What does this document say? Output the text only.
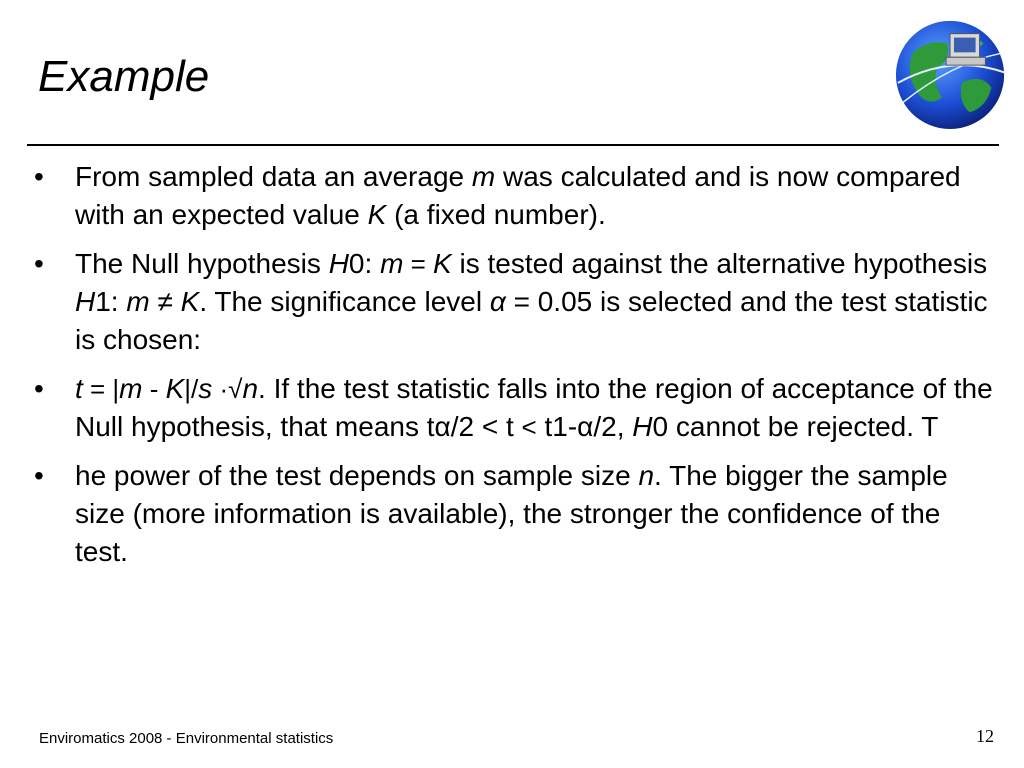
Example
•	From sampled data an average m was calculated and is now compared with an expected value K (a fixed number).
•	The Null hypothesis H0: m = K is tested against the alternative hypothesis H1: m ≠ K. The significance level α = 0.05 is selected and the test statistic is chosen:
•	t = |m - K|/s ·√n. If the test statistic falls into the region of acceptance of the Null hypothesis, that means tα/2 < t < t1-α/2, H0 cannot be rejected. T
•	he power of the test depends on sample size n. The bigger the sample size (more information is available), the stronger the confidence of the test.
Enviromatics 2008 - Environmental statistics	12
